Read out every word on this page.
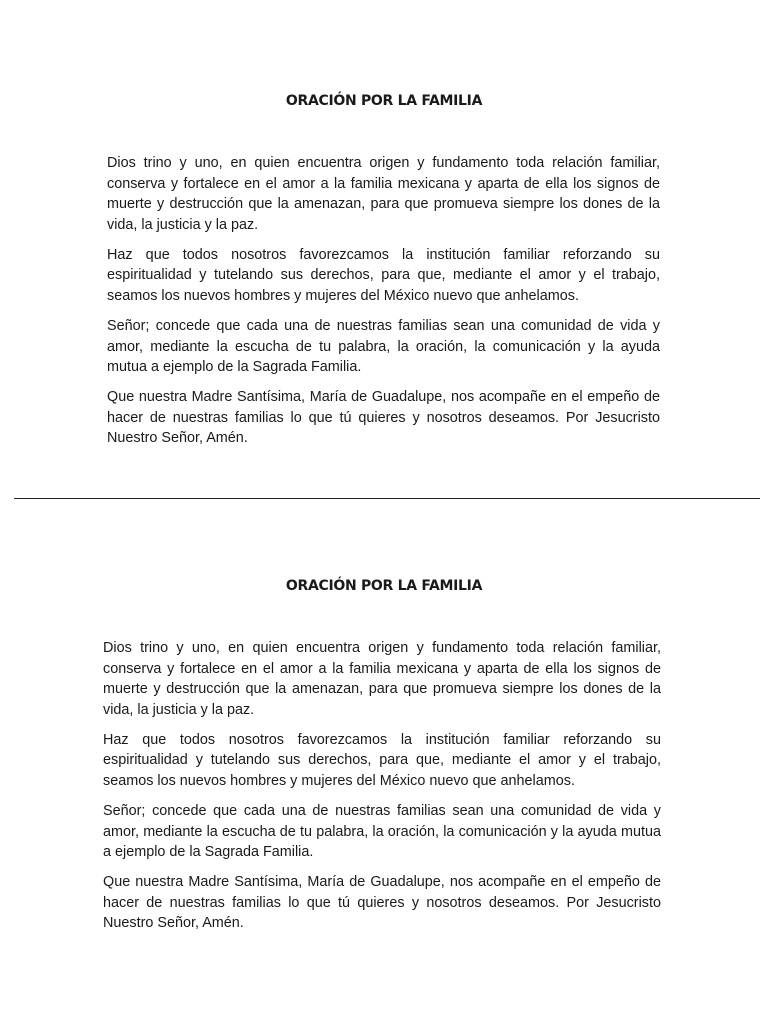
ORACIÓN POR LA FAMILIA

Dios trino y uno, en quien encuentra origen y fundamento toda relación familiar, conserva y fortalece en el amor a la familia mexicana y aparta de ella los signos de muerte y destrucción que la amenazan, para que promueva siempre los dones de la vida, la justicia y la paz.

Haz que todos nosotros favorezcamos la institución familiar reforzando su espiritualidad y tutelando sus derechos, para que, mediante el amor y el trabajo, seamos los nuevos hombres y mujeres del México nuevo que anhelamos.

Señor; concede que cada una de nuestras familias sean una comunidad de vida y amor, mediante la escucha de tu palabra, la oración, la comunicación y la ayuda mutua a ejemplo de la Sagrada Familia.

Que nuestra Madre Santísima, María de Guadalupe, nos acompañe en el empeño de hacer de nuestras familias lo que tú quieres y nosotros deseamos. Por Jesucristo Nuestro Señor, Amén.

ORACIÓN POR LA FAMILIA

Dios trino y uno, en quien encuentra origen y fundamento toda relación familiar, conserva y fortalece en el amor a la familia mexicana y aparta de ella los signos de muerte y destrucción que la amenazan, para que promueva siempre los dones de la vida, la justicia y la paz.

Haz que todos nosotros favorezcamos la institución familiar reforzando su espiritualidad y tutelando sus derechos, para que, mediante el amor y el trabajo, seamos los nuevos hombres y mujeres del México nuevo que anhelamos.

Señor; concede que cada una de nuestras familias sean una comunidad de vida y amor, mediante la escucha de tu palabra, la oración, la comunicación y la ayuda mutua a ejemplo de la Sagrada Familia.

Que nuestra Madre Santísima, María de Guadalupe, nos acompañe en el empeño de hacer de nuestras familias lo que tú quieres y nosotros deseamos. Por Jesucristo Nuestro Señor, Amén.
